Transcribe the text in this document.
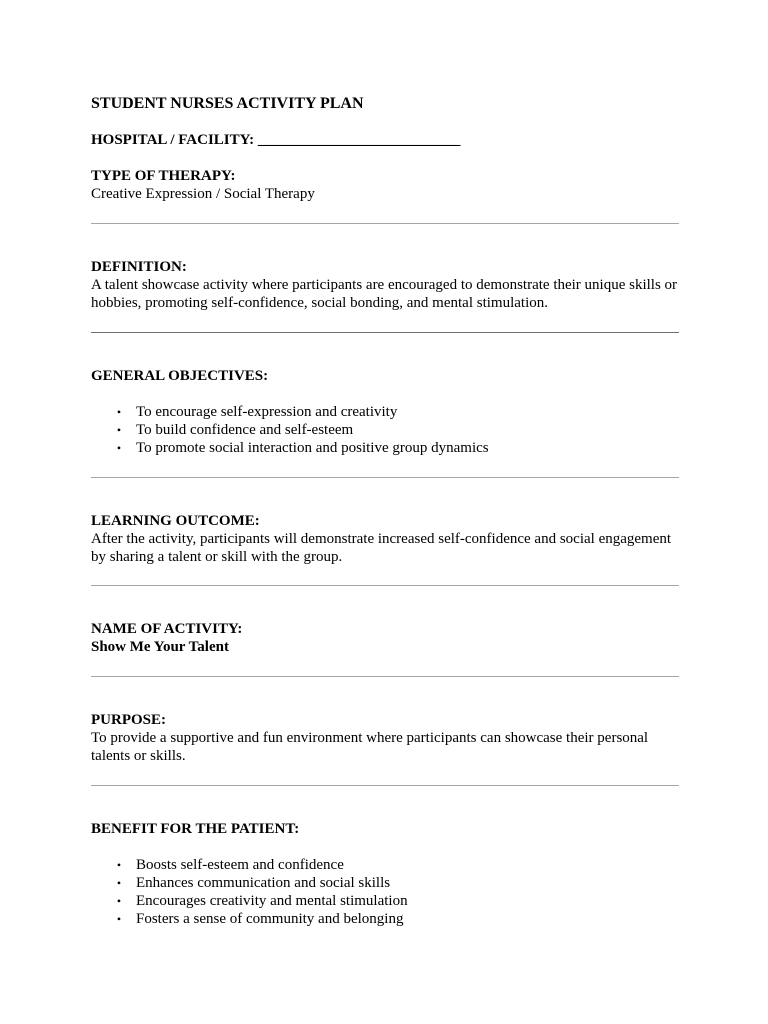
STUDENT NURSES ACTIVITY PLAN
HOSPITAL / FACILITY: ___________________________
TYPE OF THERAPY:
Creative Expression / Social Therapy
DEFINITION:
A talent showcase activity where participants are encouraged to demonstrate their unique skills or hobbies, promoting self-confidence, social bonding, and mental stimulation.
GENERAL OBJECTIVES:
• To encourage self-expression and creativity
• To build confidence and self-esteem
• To promote social interaction and positive group dynamics
LEARNING OUTCOME:
After the activity, participants will demonstrate increased self-confidence and social engagement by sharing a talent or skill with the group.
NAME OF ACTIVITY:
Show Me Your Talent
PURPOSE:
To provide a supportive and fun environment where participants can showcase their personal talents or skills.
BENEFIT FOR THE PATIENT:
• Boosts self-esteem and confidence
• Enhances communication and social skills
• Encourages creativity and mental stimulation
• Fosters a sense of community and belonging
